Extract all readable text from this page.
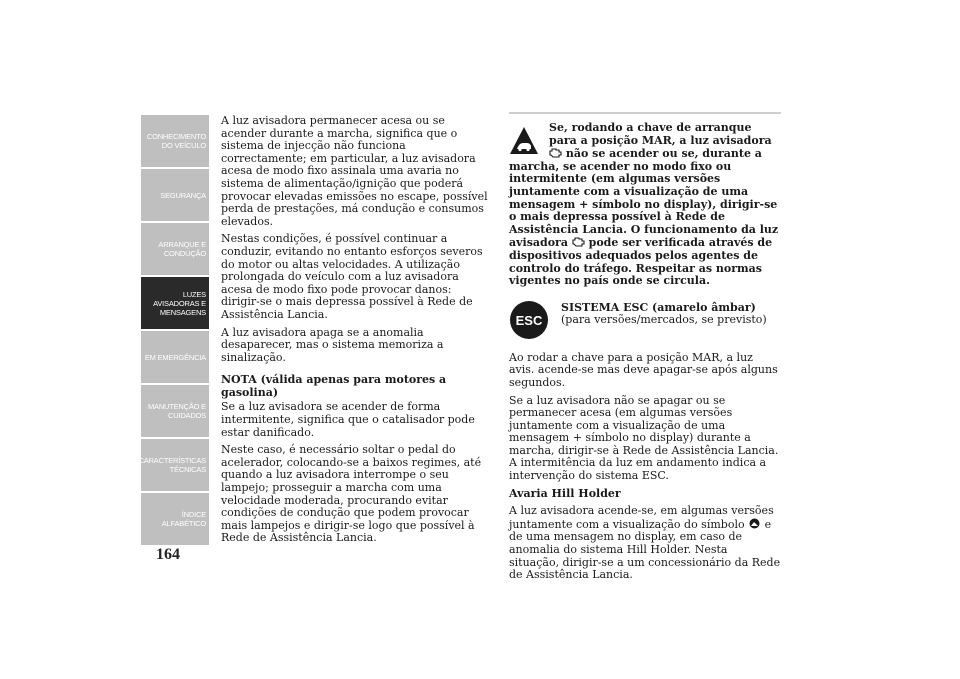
CONHECIMENTO
DO VEÍCULO
SEGURANÇA
ARRANQUE E
CONDUÇÃO
LUZES
AVISADORAS E
MENSAGENS
EM EMERGÊNCIA
MANUTENÇÃO E
CUIDADOS
CARACTERÍSTICAS
TÉCNICAS
ÍNDICE
ALFABÉTICO
164

A luz avisadora permanecer acesa ou se acender durante a marcha, significa que o sistema de injecção não funciona correctamente; em particular, a luz avisadora acesa de modo fixo assinala uma avaria no sistema de alimentação/ignição que poderá provocar elevadas emissões no escape, possível perda de prestações, má condução e consumos elevados.

Nestas condições, é possível continuar a conduzir, evitando no entanto esforços severos do motor ou altas velocidades. A utilização prolongada do veículo com a luz avisadora acesa de modo fixo pode provocar danos: dirigir-se o mais depressa possível à Rede de Assistência Lancia.

A luz avisadora apaga se a anomalia desaparecer, mas o sistema memoriza a sinalização.

NOTA (válida apenas para motores a gasolina)

Se a luz avisadora se acender de forma intermitente, significa que o catalisador pode estar danificado.

Neste caso, é necessário soltar o pedal do acelerador, colocando-se a baixos regimes, até quando a luz avisadora interrompe o seu lampejo; prosseguir a marcha com uma velocidade moderada, procurando evitar condições de condução que podem provocar mais lampejos e dirigir-se logo que possível à Rede de Assistência Lancia.

Se, rodando a chave de arranque para a posição MAR, a luz avisadora  não se acender ou se, durante a marcha, se acender no modo fixo ou intermitente (em algumas versões juntamente com a visualização de uma mensagem + símbolo no display), dirigir-se o mais depressa possível à Rede de Assistência Lancia. O funcionamento da luz avisadora  pode ser verificada através de dispositivos adequados pelos agentes de controlo do tráfego. Respeitar as normas vigentes no país onde se circula.
ESC
SISTEMA ESC (amarelo âmbar)
(para versões/mercados, se previsto)

Ao rodar a chave para a posição MAR, a luz avis. acende-se mas deve apagar-se após alguns segundos.

Se a luz avisadora não se apagar ou se permanecer acesa (em algumas versões juntamente com a visualização de uma mensagem + símbolo no display) durante a marcha, dirigir-se à Rede de Assistência Lancia. A intermitência da luz em andamento indica a intervenção do sistema ESC.

Avaria Hill Holder

A luz avisadora acende-se, em algumas versões juntamente com a visualização do símbolo  e de uma mensagem no display, em caso de anomalia do sistema Hill Holder. Nesta situação, dirigir-se a um concessionário da Rede de Assistência Lancia.
